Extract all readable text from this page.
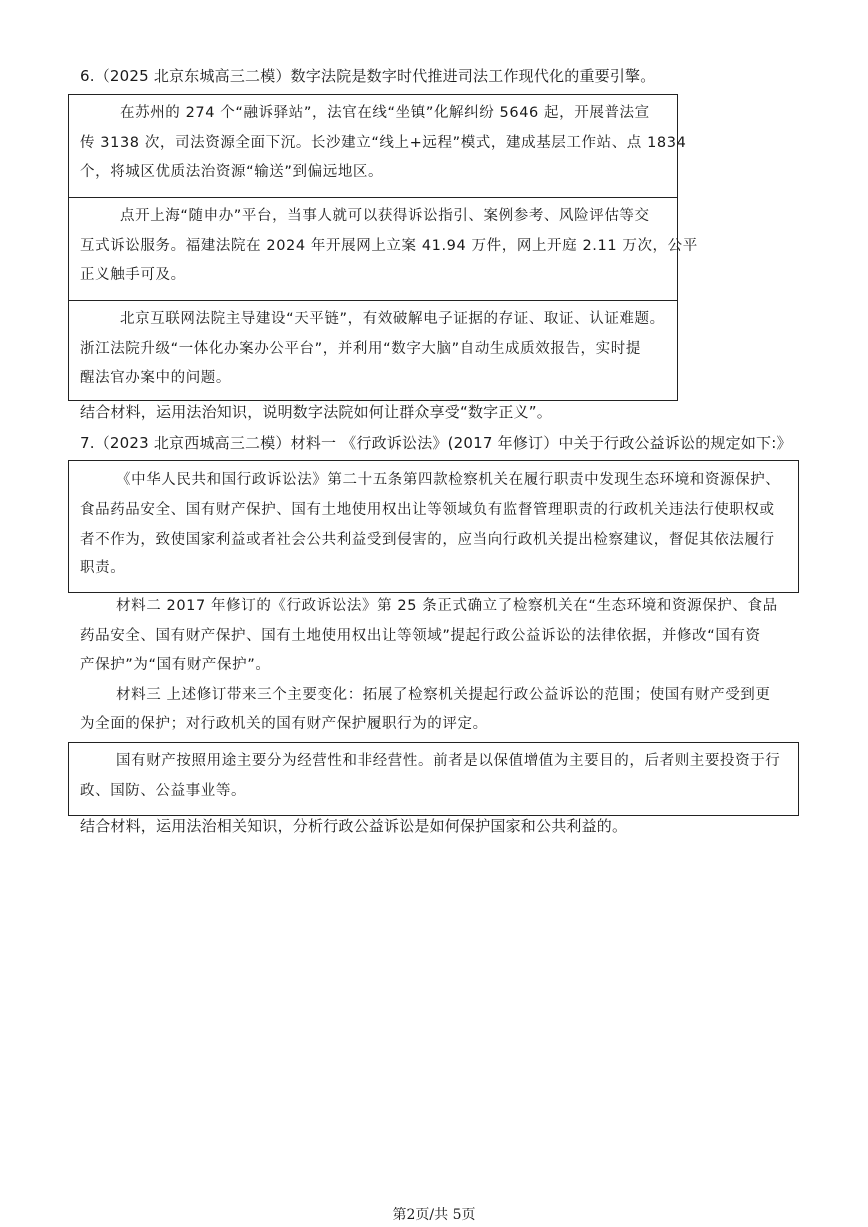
6.（2025 北京东城高三二模）数字法院是数字时代推进司法工作现代化的重要引擎。
在苏州的 274 个“融诉驿站”，法官在线“坐镇”化解纠纷 5646 起，开展普法宣
传 3138 次，司法资源全面下沉。长沙建立“线上+远程”模式，建成基层工作站、点 1834
个，将城区优质法治资源“输送”到偏远地区。
点开上海“随申办”平台，当事人就可以获得诉讼指引、案例参考、风险评估等交
互式诉讼服务。福建法院在 2024 年开展网上立案 41.94 万件，网上开庭 2.11 万次，公平
正义触手可及。
北京互联网法院主导建设“天平链”，有效破解电子证据的存证、取证、认证难题。
浙江法院升级“一体化办案办公平台”，并利用“数字大脑”自动生成质效报告，实时提
醒法官办案中的问题。
结合材料，运用法治知识，说明数字法院如何让群众享受“数字正义”。
7.（2023 北京西城高三二模）材料一 《行政诉讼法》(2017 年修订）中关于行政公益诉讼的规定如下:》
《中华人民共和国行政诉讼法》第二十五条第四款检察机关在履行职责中发现生态环境和资源保护、
食品药品安全、国有财产保护、国有土地使用权出让等领域负有监督管理职责的行政机关违法行使职权或
者不作为，致使国家利益或者社会公共利益受到侵害的，应当向行政机关提出检察建议，督促其依法履行
职责。
材料二 2017 年修订的《行政诉讼法》第 25 条正式确立了检察机关在“生态环境和资源保护、食品
药品安全、国有财产保护、国有土地使用权出让等领域”提起行政公益诉讼的法律依据，并修改“国有资
产保护”为“国有财产保护”。
材料三 上述修订带来三个主要变化：拓展了检察机关提起行政公益诉讼的范围；使国有财产受到更
为全面的保护；对行政机关的国有财产保护履职行为的评定。
国有财产按照用途主要分为经营性和非经营性。前者是以保值增值为主要目的，后者则主要投资于行
政、国防、公益事业等。
结合材料，运用法治相关知识，分析行政公益诉讼是如何保护国家和公共利益的。
第2页/共 5页
